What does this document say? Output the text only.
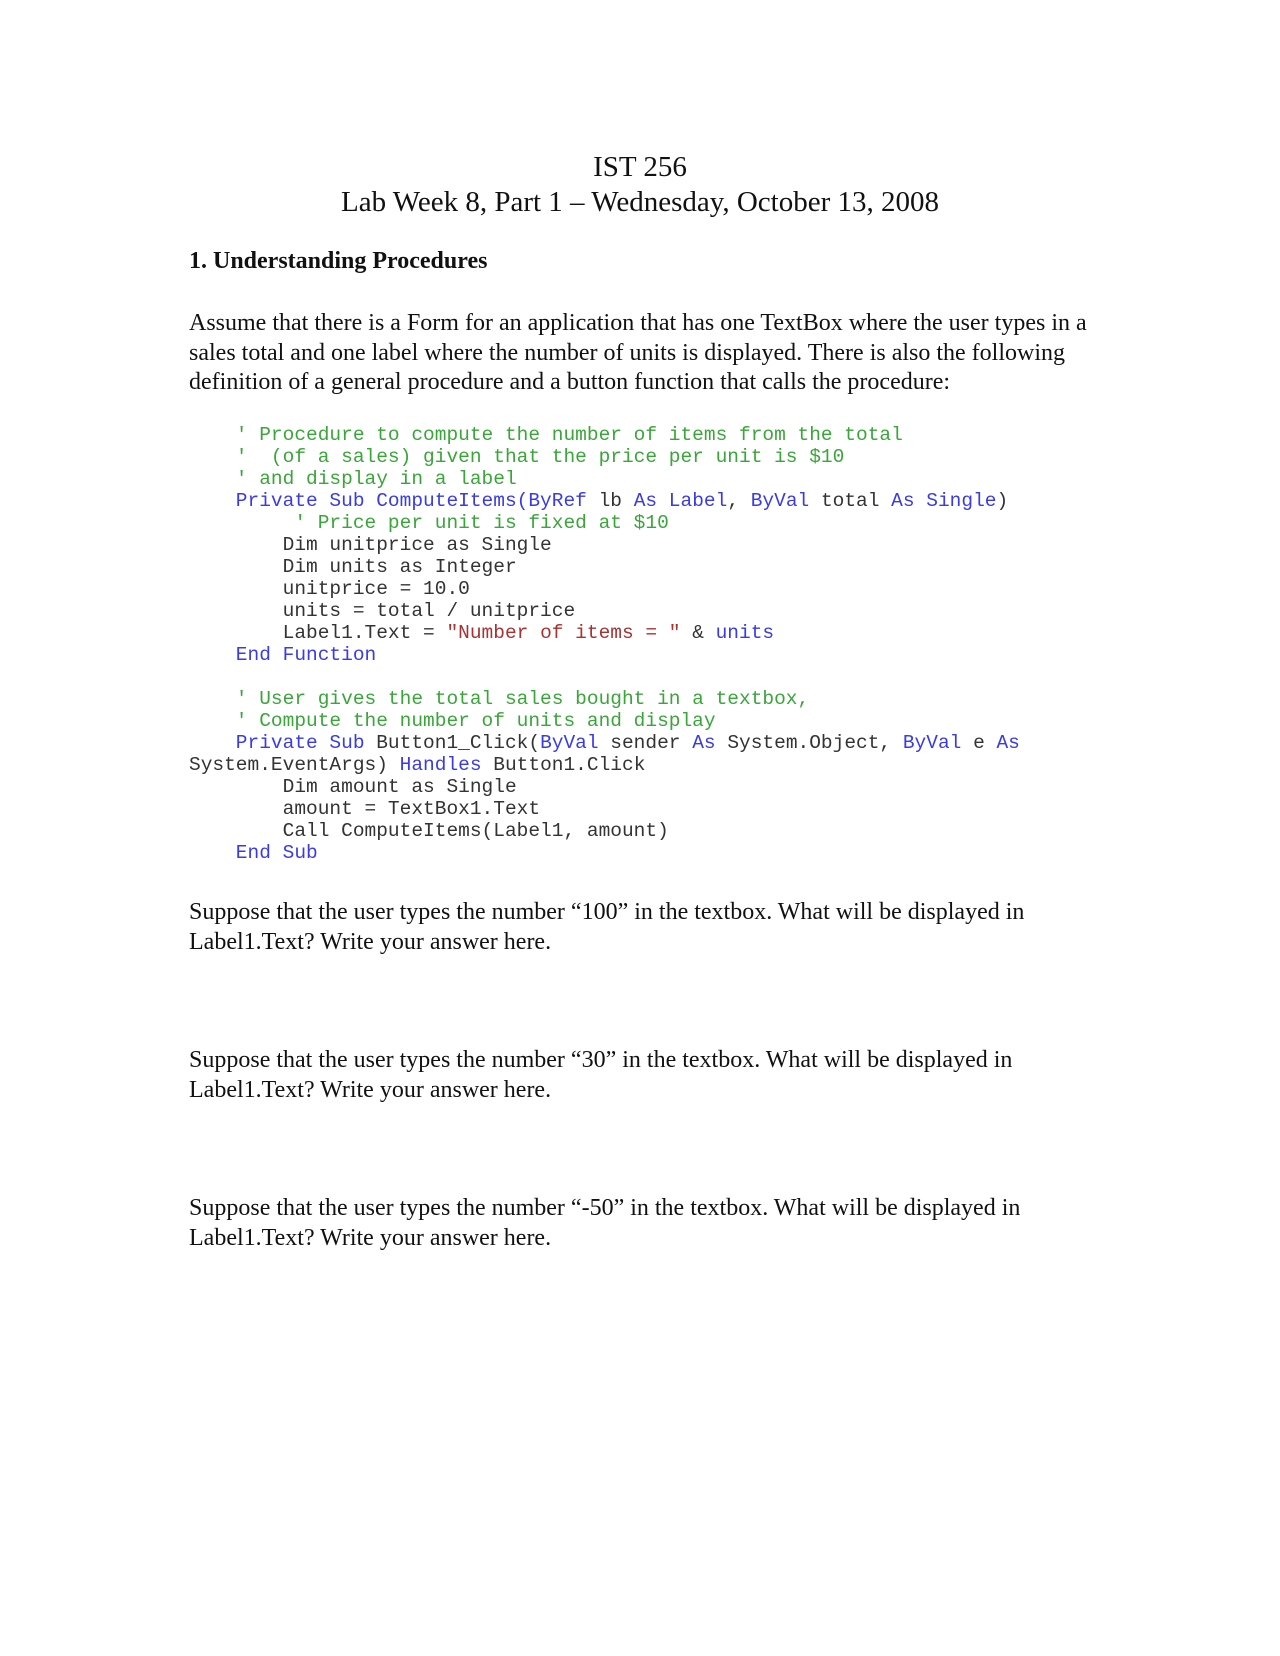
IST 256
Lab Week 8, Part 1 – Wednesday, October 13, 2008
1. Understanding Procedures
Assume that there is a Form for an application that has one TextBox where the user types in a sales total and one label where the number of units is displayed. There is also the following definition of a general procedure and a button function that calls the procedure:
' Procedure to compute the number of items from the total
'  (of a sales) given that the price per unit is $10
' and display in a label
Private Sub ComputeItems(ByRef lb As Label, ByVal total As Single)
' Price per unit is fixed at $10
Dim unitprice as Single
Dim units as Integer
unitprice = 10.0
units = total / unitprice
Label1.Text = "Number of items = " & units
End Function
' User gives the total sales bought in a textbox,
' Compute the number of units and display
Private Sub Button1_Click(ByVal sender As System.Object, ByVal e As
System.EventArgs) Handles Button1.Click
Dim amount as Single
amount = TextBox1.Text
Call ComputeItems(Label1, amount)
End Sub
Suppose that the user types the number “100” in the textbox. What will be displayed in Label1.Text? Write your answer here.
Suppose that the user types the number “30” in the textbox. What will be displayed in Label1.Text? Write your answer here.
Suppose that the user types the number “-50” in the textbox. What will be displayed in Label1.Text? Write your answer here.
